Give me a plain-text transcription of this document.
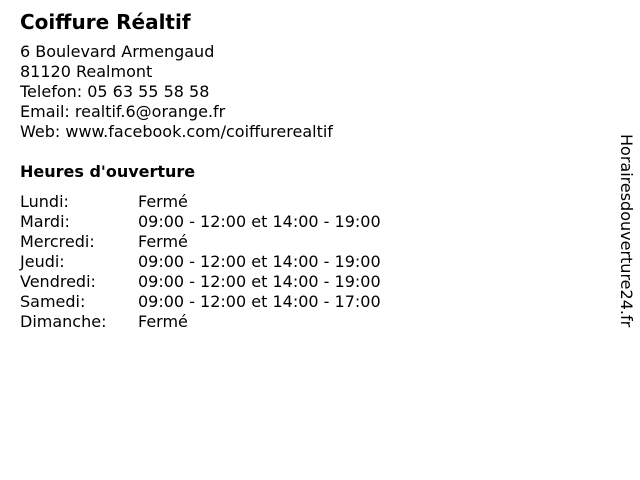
Coiffure Réaltif
6 Boulevard Armengaud
81120 Realmont
Telefon: 05 63 55 58 58
Email: realtif.6@orange.fr
Web: www.facebook.com/coiffurerealtif
Heures d'ouverture
Lundi:	Fermé
Mardi:	09:00 - 12:00 et 14:00 - 19:00
Mercredi:	Fermé
Jeudi:	09:00 - 12:00 et 14:00 - 19:00
Vendredi:	09:00 - 12:00 et 14:00 - 19:00
Samedi:	09:00 - 12:00 et 14:00 - 17:00
Dimanche:	Fermé	Horairesdouverture24.fr
